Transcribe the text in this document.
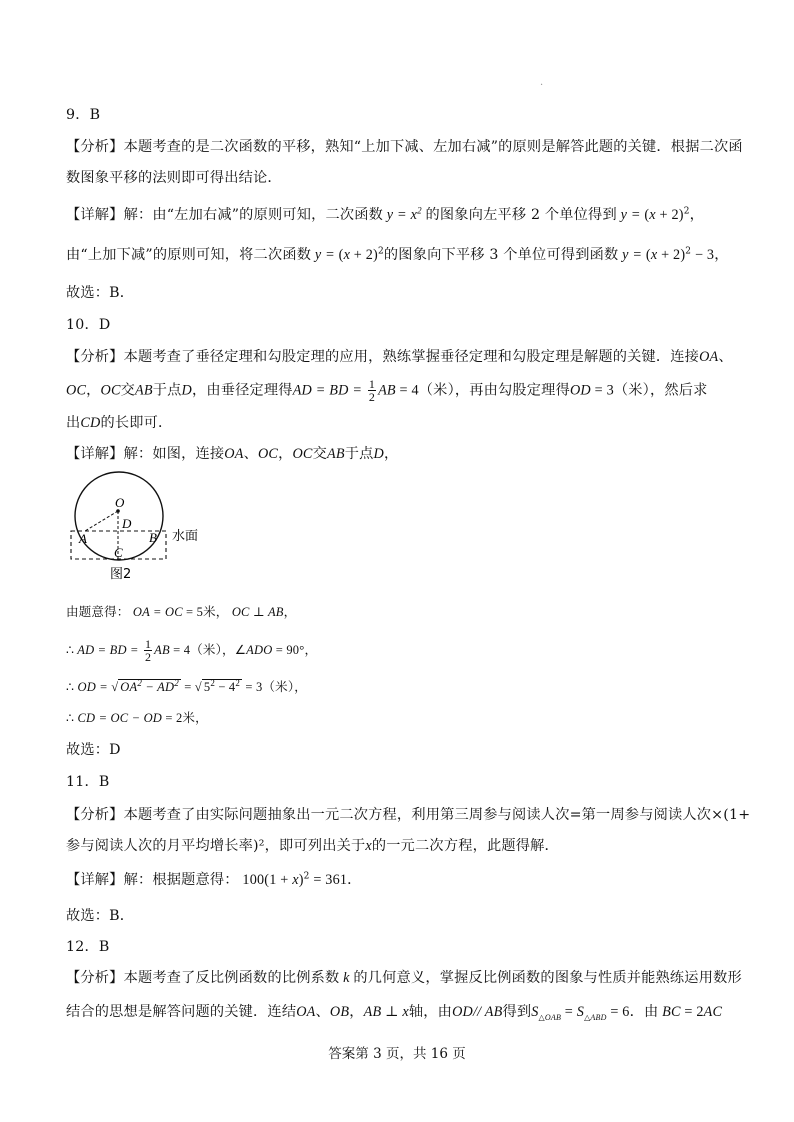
·
9．B
【分析】本题考查的是二次函数的平移，熟知“上加下减、左加右减”的原则是解答此题的关键．根据二次函
数图象平移的法则即可得出结论．
【详解】解：由“左加右减”的原则可知，二次函数 $y = x^2$ 的图象向左平移 2 个单位得到 $y = (x + 2)^2$，
由“上加下减”的原则可知，将二次函数 $y = (x + 2)^2$的图象向下平移 3 个单位可得到函数 $y = (x + 2)^2 - 3$，
故选：B．
10．D
【分析】本题考查了垂径定理和勾股定理的应用，熟练掌握垂径定理和勾股定理是解题的关键．连接OA、
OC，OC交AB于点D，由垂径定理得AD = BD = $\frac{1}{2}$ AB = 4（米），再由勾股定理得OD = 3（米），然后求
出CD的长即可．
【详解】解：如图，连接OA、OC，OC交AB于点D，
O
D
A	B
C
水面
图2
由题意得： OA = OC = 5米， OC ⊥ AB，
∴ AD = BD = $\frac{1}{2}$ AB = 4（米），∠ADO = 90°，
∴ OD = √ $OA^2 - AD^2$ = √ $5^2 - 4^2 = 3$（米），
∴ CD = OC − OD = 2米，
故选：D
11．B
【分析】本题考查了由实际问题抽象出一元二次方程，利用第三周参与阅读人次=第一周参与阅读人次×(1+
参与阅读人次的月平均增长率)²，即可列出关于x的一元二次方程，此题得解．
【详解】解：根据题意得： $100(1 + x)^2 = 361$．
故选：B．
12．B
【分析】本题考查了反比例函数的比例系数 k 的几何意义，掌握反比例函数的图象与性质并能熟练运用数形
结合的思想是解答问题的关键．连结OA、OB，AB ⊥ x轴，由OD// AB得到$S_{\triangle OAB} = S_{\triangle ABD} = 6$．由 BC = 2AC
答案第 3 页，共 16 页
